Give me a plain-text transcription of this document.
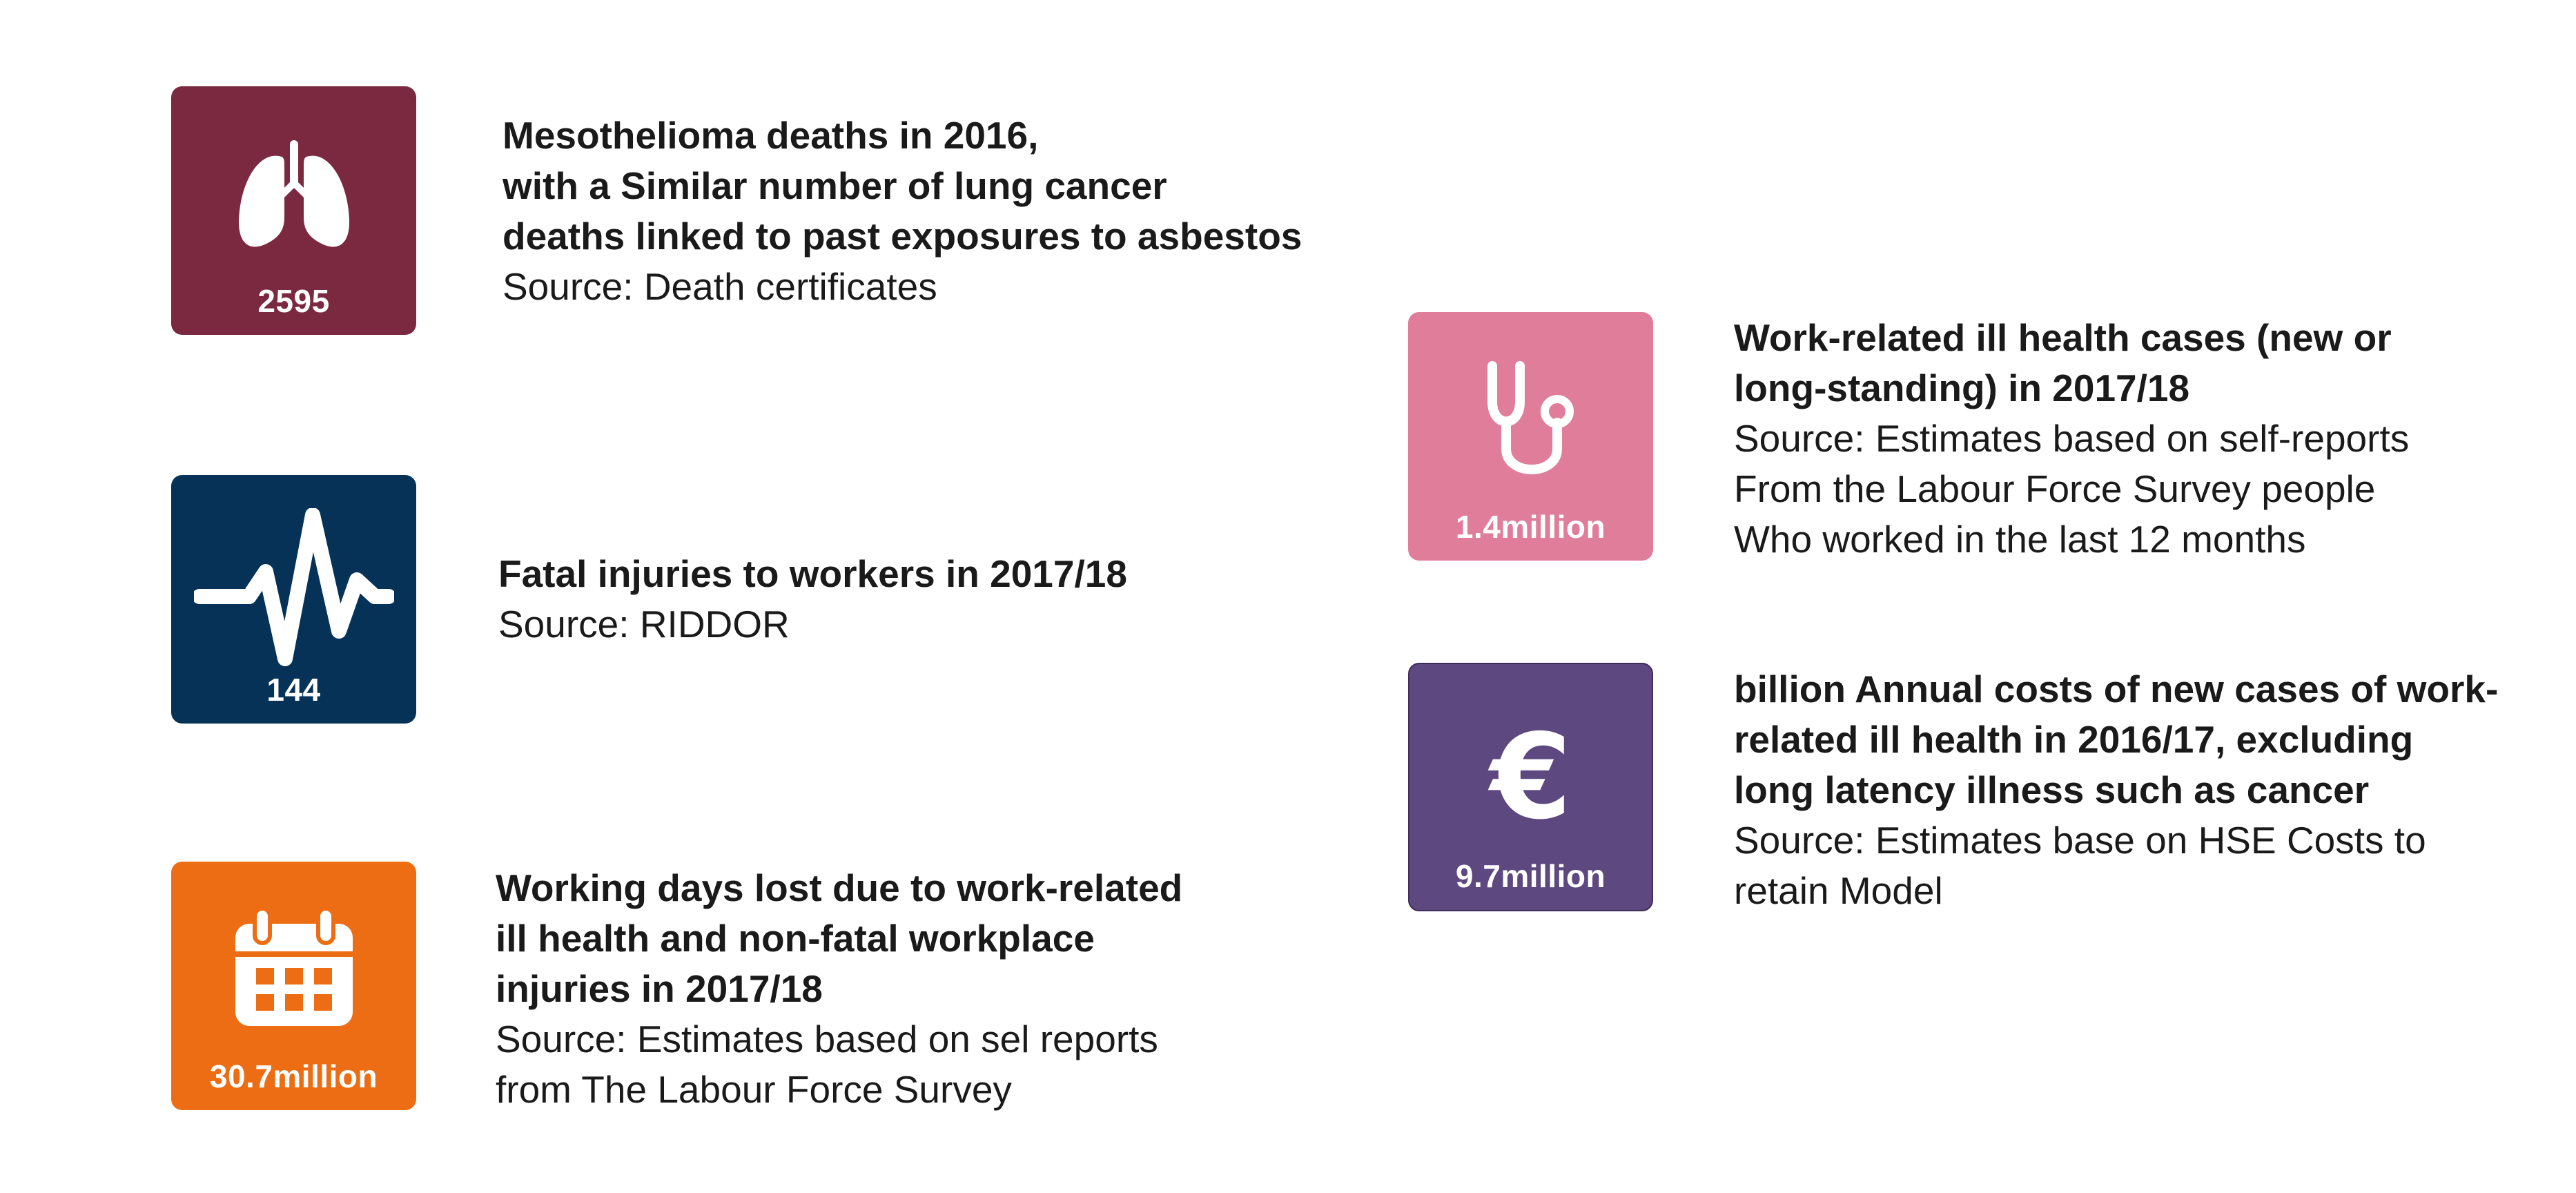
2595
Mesothelioma deaths in 2016,
with a Similar number of lung cancer
deaths linked to past exposures to asbestos
Source: Death certificates
144
Fatal injuries to workers in 2017/18
Source: RIDDOR
30.7million
Working days lost due to work-related
ill health and non-fatal workplace
injuries in 2017/18
Source: Estimates based on sel reports
from The Labour Force Survey
1.4million
Work-related ill health cases (new or
long-standing) in 2017/18
Source: Estimates based on self-reports
From the Labour Force Survey people
Who worked in the last 12 months
€
9.7million
billion Annual costs of new cases of work-
related ill health in 2016/17, excluding
long latency illness such as cancer
Source: Estimates base on HSE Costs to
retain Model
